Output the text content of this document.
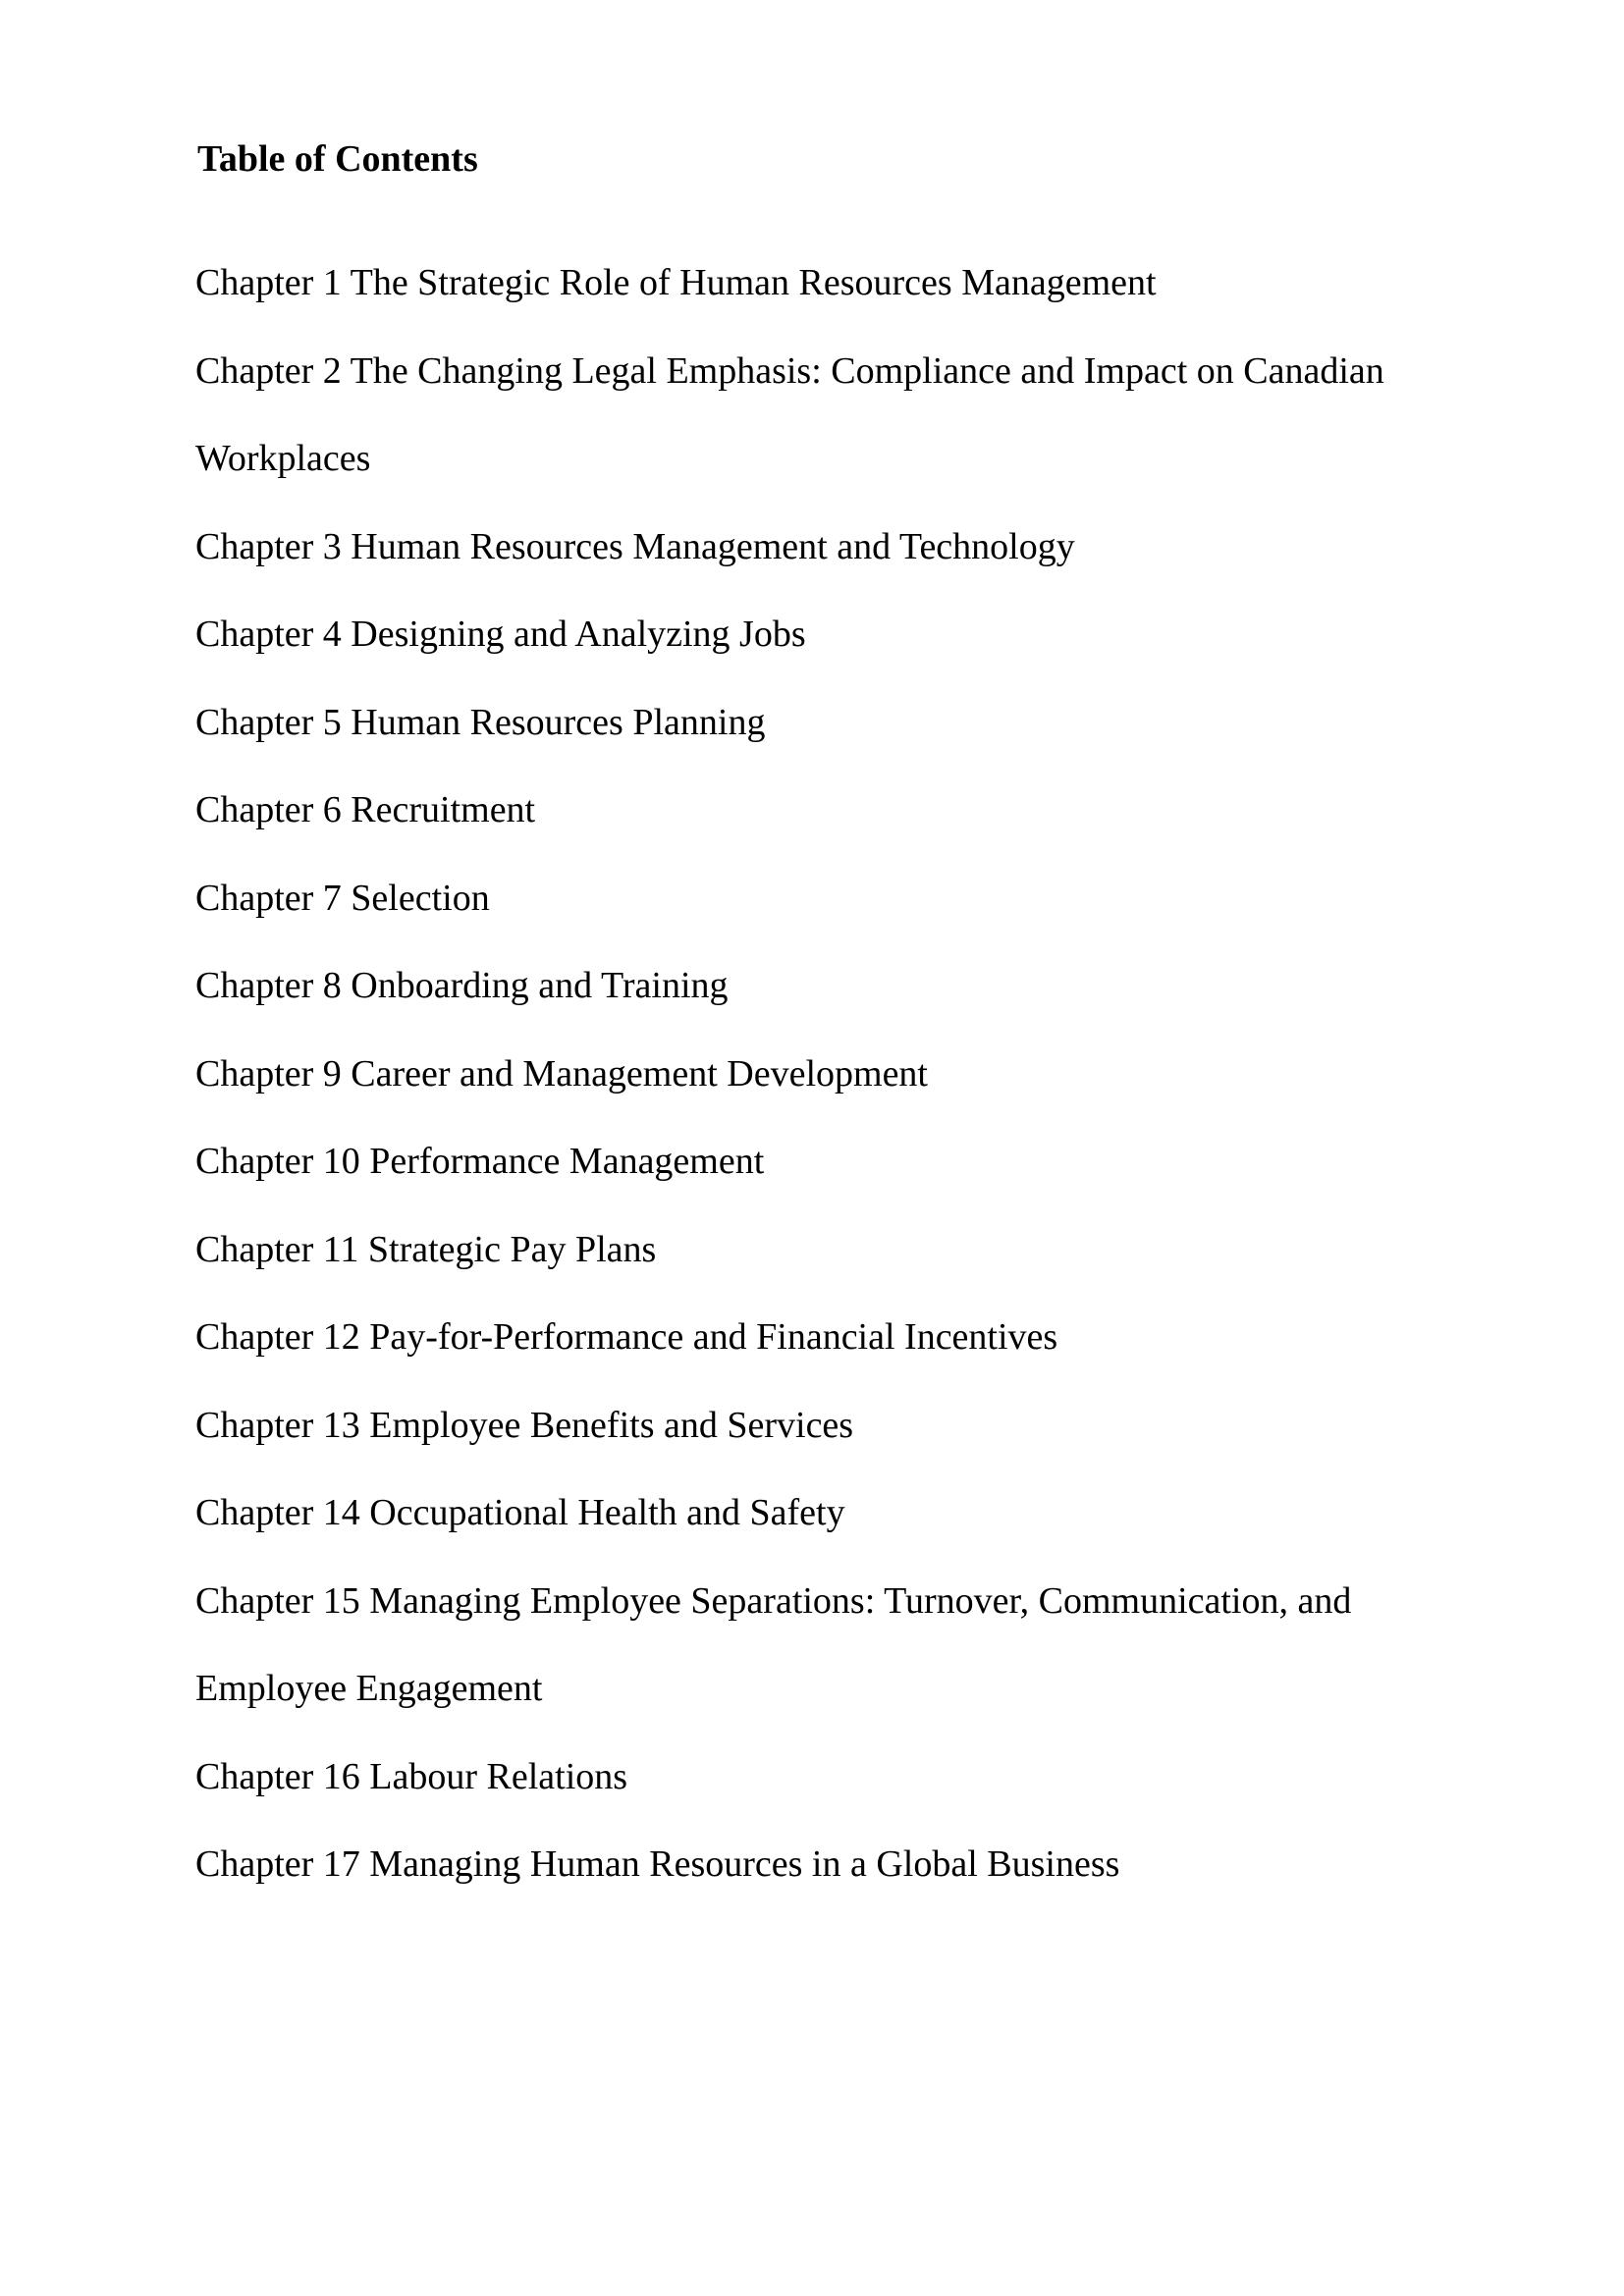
Table of Contents
Chapter 1 The Strategic Role of Human Resources Management
Chapter 2 The Changing Legal Emphasis: Compliance and Impact on Canadian
Workplaces
Chapter 3 Human Resources Management and Technology
Chapter 4 Designing and Analyzing Jobs
Chapter 5 Human Resources Planning
Chapter 6 Recruitment
Chapter 7 Selection
Chapter 8 Onboarding and Training
Chapter 9 Career and Management Development
Chapter 10 Performance Management
Chapter 11 Strategic Pay Plans
Chapter 12 Pay-for-Performance and Financial Incentives
Chapter 13 Employee Benefits and Services
Chapter 14 Occupational Health and Safety
Chapter 15 Managing Employee Separations: Turnover, Communication, and
Employee Engagement
Chapter 16 Labour Relations
Chapter 17 Managing Human Resources in a Global Business
